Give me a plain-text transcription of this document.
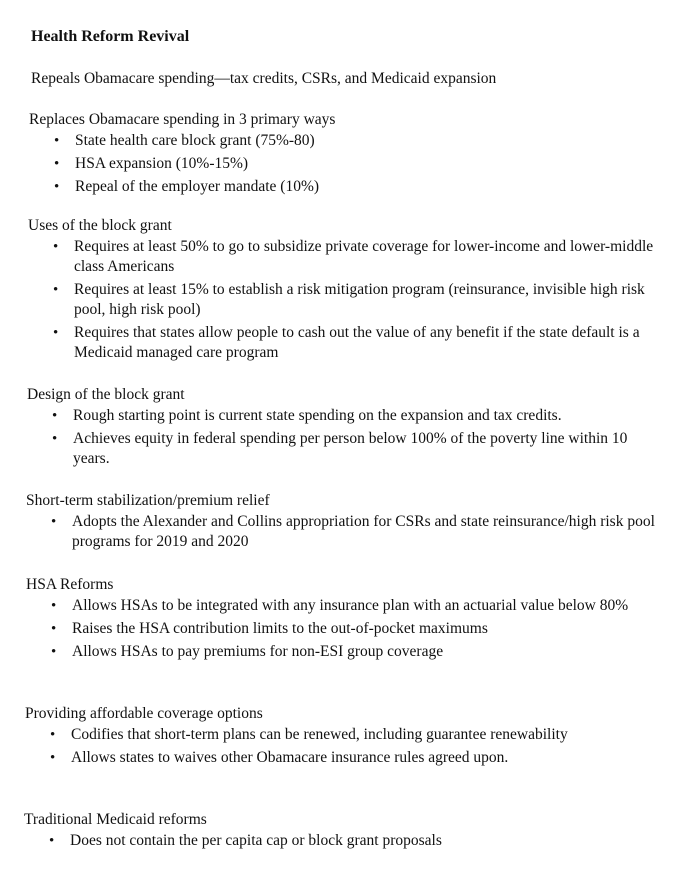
Health Reform Revival
Repeals Obamacare spending—tax credits, CSRs, and Medicaid expansion
Replaces Obamacare spending in 3 primary ways
• State health care block grant (75%-80)
• HSA expansion (10%-15%)
• Repeal of the employer mandate (10%)
Uses of the block grant
• Requires at least 50% to go to subsidize private coverage for lower-income and lower-middle class Americans
• Requires at least 15% to establish a risk mitigation program (reinsurance, invisible high risk pool, high risk pool)
• Requires that states allow people to cash out the value of any benefit if the state default is a Medicaid managed care program
Design of the block grant
• Rough starting point is current state spending on the expansion and tax credits.
• Achieves equity in federal spending per person below 100% of the poverty line within 10 years.
Short-term stabilization/premium relief
• Adopts the Alexander and Collins appropriation for CSRs and state reinsurance/high risk pool programs for 2019 and 2020
HSA Reforms
• Allows HSAs to be integrated with any insurance plan with an actuarial value below 80%
• Raises the HSA contribution limits to the out-of-pocket maximums
• Allows HSAs to pay premiums for non-ESI group coverage
Providing affordable coverage options
• Codifies that short-term plans can be renewed, including guarantee renewability
• Allows states to waives other Obamacare insurance rules agreed upon.
Traditional Medicaid reforms
• Does not contain the per capita cap or block grant proposals
